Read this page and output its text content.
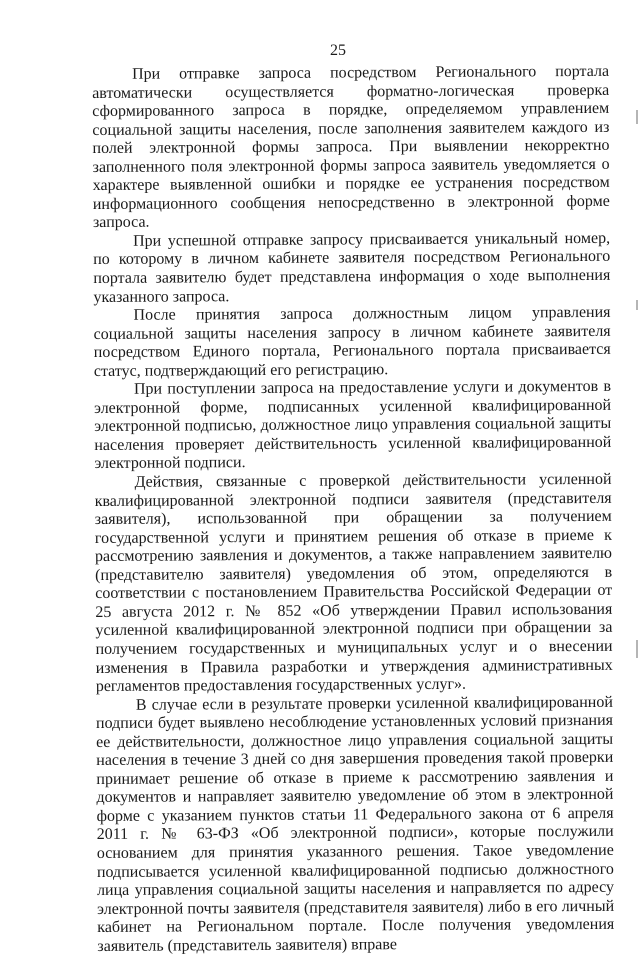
25

При отправке запроса посредством Регионального портала автоматически осуществляется форматно-логическая проверка сформированного запроса в порядке, определяемом управлением социальной защиты населения, после заполнения заявителем каждого из полей электронной формы запроса. При выявлении некорректно заполненного поля электронной формы запроса заявитель уведомляется о характере выявленной ошибки и порядке ее устранения посредством информационного сообщения непосредственно в электронной форме запроса.

При успешной отправке запросу присваивается уникальный номер, по которому в личном кабинете заявителя посредством Регионального портала заявителю будет представлена информация о ходе выполнения указанного запроса.

После принятия запроса должностным лицом управления социальной защиты населения запросу в личном кабинете заявителя посредством Единого портала, Регионального портала присваивается статус, подтверждающий его регистрацию.

При поступлении запроса на предоставление услуги и документов в электронной форме, подписанных усиленной квалифицированной электронной подписью, должностное лицо управления социальной защиты населения проверяет действительность усиленной квалифицированной электронной подписи.

Действия, связанные с проверкой действительности усиленной квалифицированной электронной подписи заявителя (представителя заявителя), использованной при обращении за получением государственной услуги и принятием решения об отказе в приеме к рассмотрению заявления и документов, а также направлением заявителю (представителю заявителя) уведомления об этом, определяются в соответствии с постановлением Правительства Российской Федерации от 25 августа 2012 г. № 852 «Об утверждении Правил использования усиленной квалифицированной электронной подписи при обращении за получением государственных и муниципальных услуг и о внесении изменения в Правила разработки и утверждения административных регламентов предоставления государственных услуг».

В случае если в результате проверки усиленной квалифицированной подписи будет выявлено несоблюдение установленных условий признания ее действительности, должностное лицо управления социальной защиты населения в течение 3 дней со дня завершения проведения такой проверки принимает решение об отказе в приеме к рассмотрению заявления и документов и направляет заявителю уведомление об этом в электронной форме с указанием пунктов статьи 11 Федерального закона от 6 апреля 2011 г. № 63-ФЗ «Об электронной подписи», которые послужили основанием для принятия указанного решения. Такое уведомление подписывается усиленной квалифицированной подписью должностного лица управления социальной защиты населения и направляется по адресу электронной почты заявителя (представителя заявителя) либо в его личный кабинет на Региональном портале. После получения уведомления заявитель (представитель заявителя) вправе
